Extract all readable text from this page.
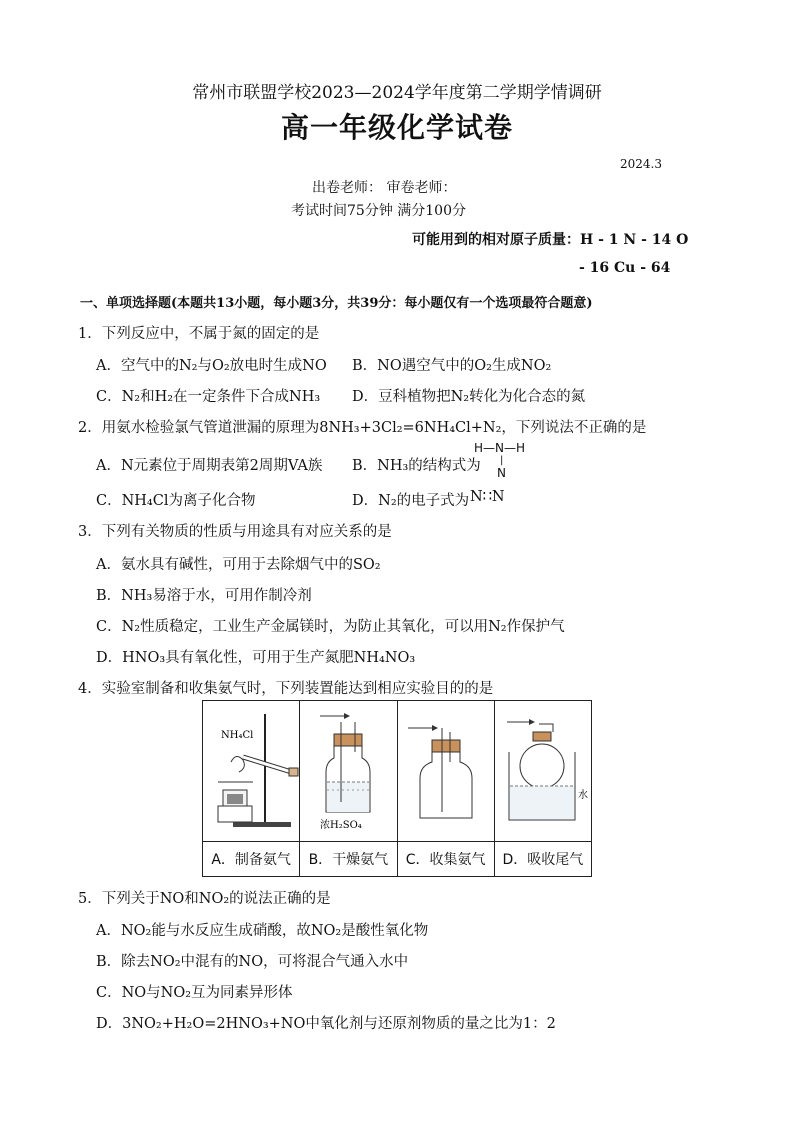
常州市联盟学校2023—2024学年度第二学期学情调研
高一年级化学试卷
2024.3
出卷老师： 审卷老师：
考试时间75分钟 满分100分
可能用到的相对原子质量：H - 1 N - 14 O
- 16 Cu - 64
一、单项选择题(本题共13小题，每小题3分，共39分：每小题仅有一个选项最符合题意)
1．下列反应中，不属于氮的固定的是
A．空气中的N₂与O₂放电时生成NO B．NO遇空气中的O₂生成NO₂
C．N₂和H₂在一定条件下合成NH₃ D．豆科植物把N₂转化为化合态的氮
2．用氨水检验氯气管道泄漏的原理为8NH₃+3Cl₂=6NH₄Cl+N₂，下列说法不正确的是
A．N元素位于周期表第2周期VA族 B．NH₃的结构式为
H—N—H
|
N
C．NH₄Cl为离子化合物	D．N₂的电子式为 N∷N
3．下列有关物质的性质与用途具有对应关系的是
A．氨水具有碱性，可用于去除烟气中的SO₂
B．NH₃易溶于水，可用作制冷剂
C．N₂性质稳定，工业生产金属镁时，为防止其氧化，可以用N₂作保护气
D．HNO₃具有氧化性，可用于生产氮肥NH₄NO₃
4．实验室制备和收集氨气时，下列装置能达到相应实验目的的是
NH₄Cl	浓H₂SO₄		水

A．制备氨气	B．干燥氨气	C．收集氨气	D．吸收尾气
5．下列关于NO和NO₂的说法正确的是
A．NO₂能与水反应生成硝酸，故NO₂是酸性氧化物
B．除去NO₂中混有的NO，可将混合气通入水中
C．NO与NO₂互为同素异形体
D．3NO₂+H₂O=2HNO₃+NO中氧化剂与还原剂物质的量之比为1：2
